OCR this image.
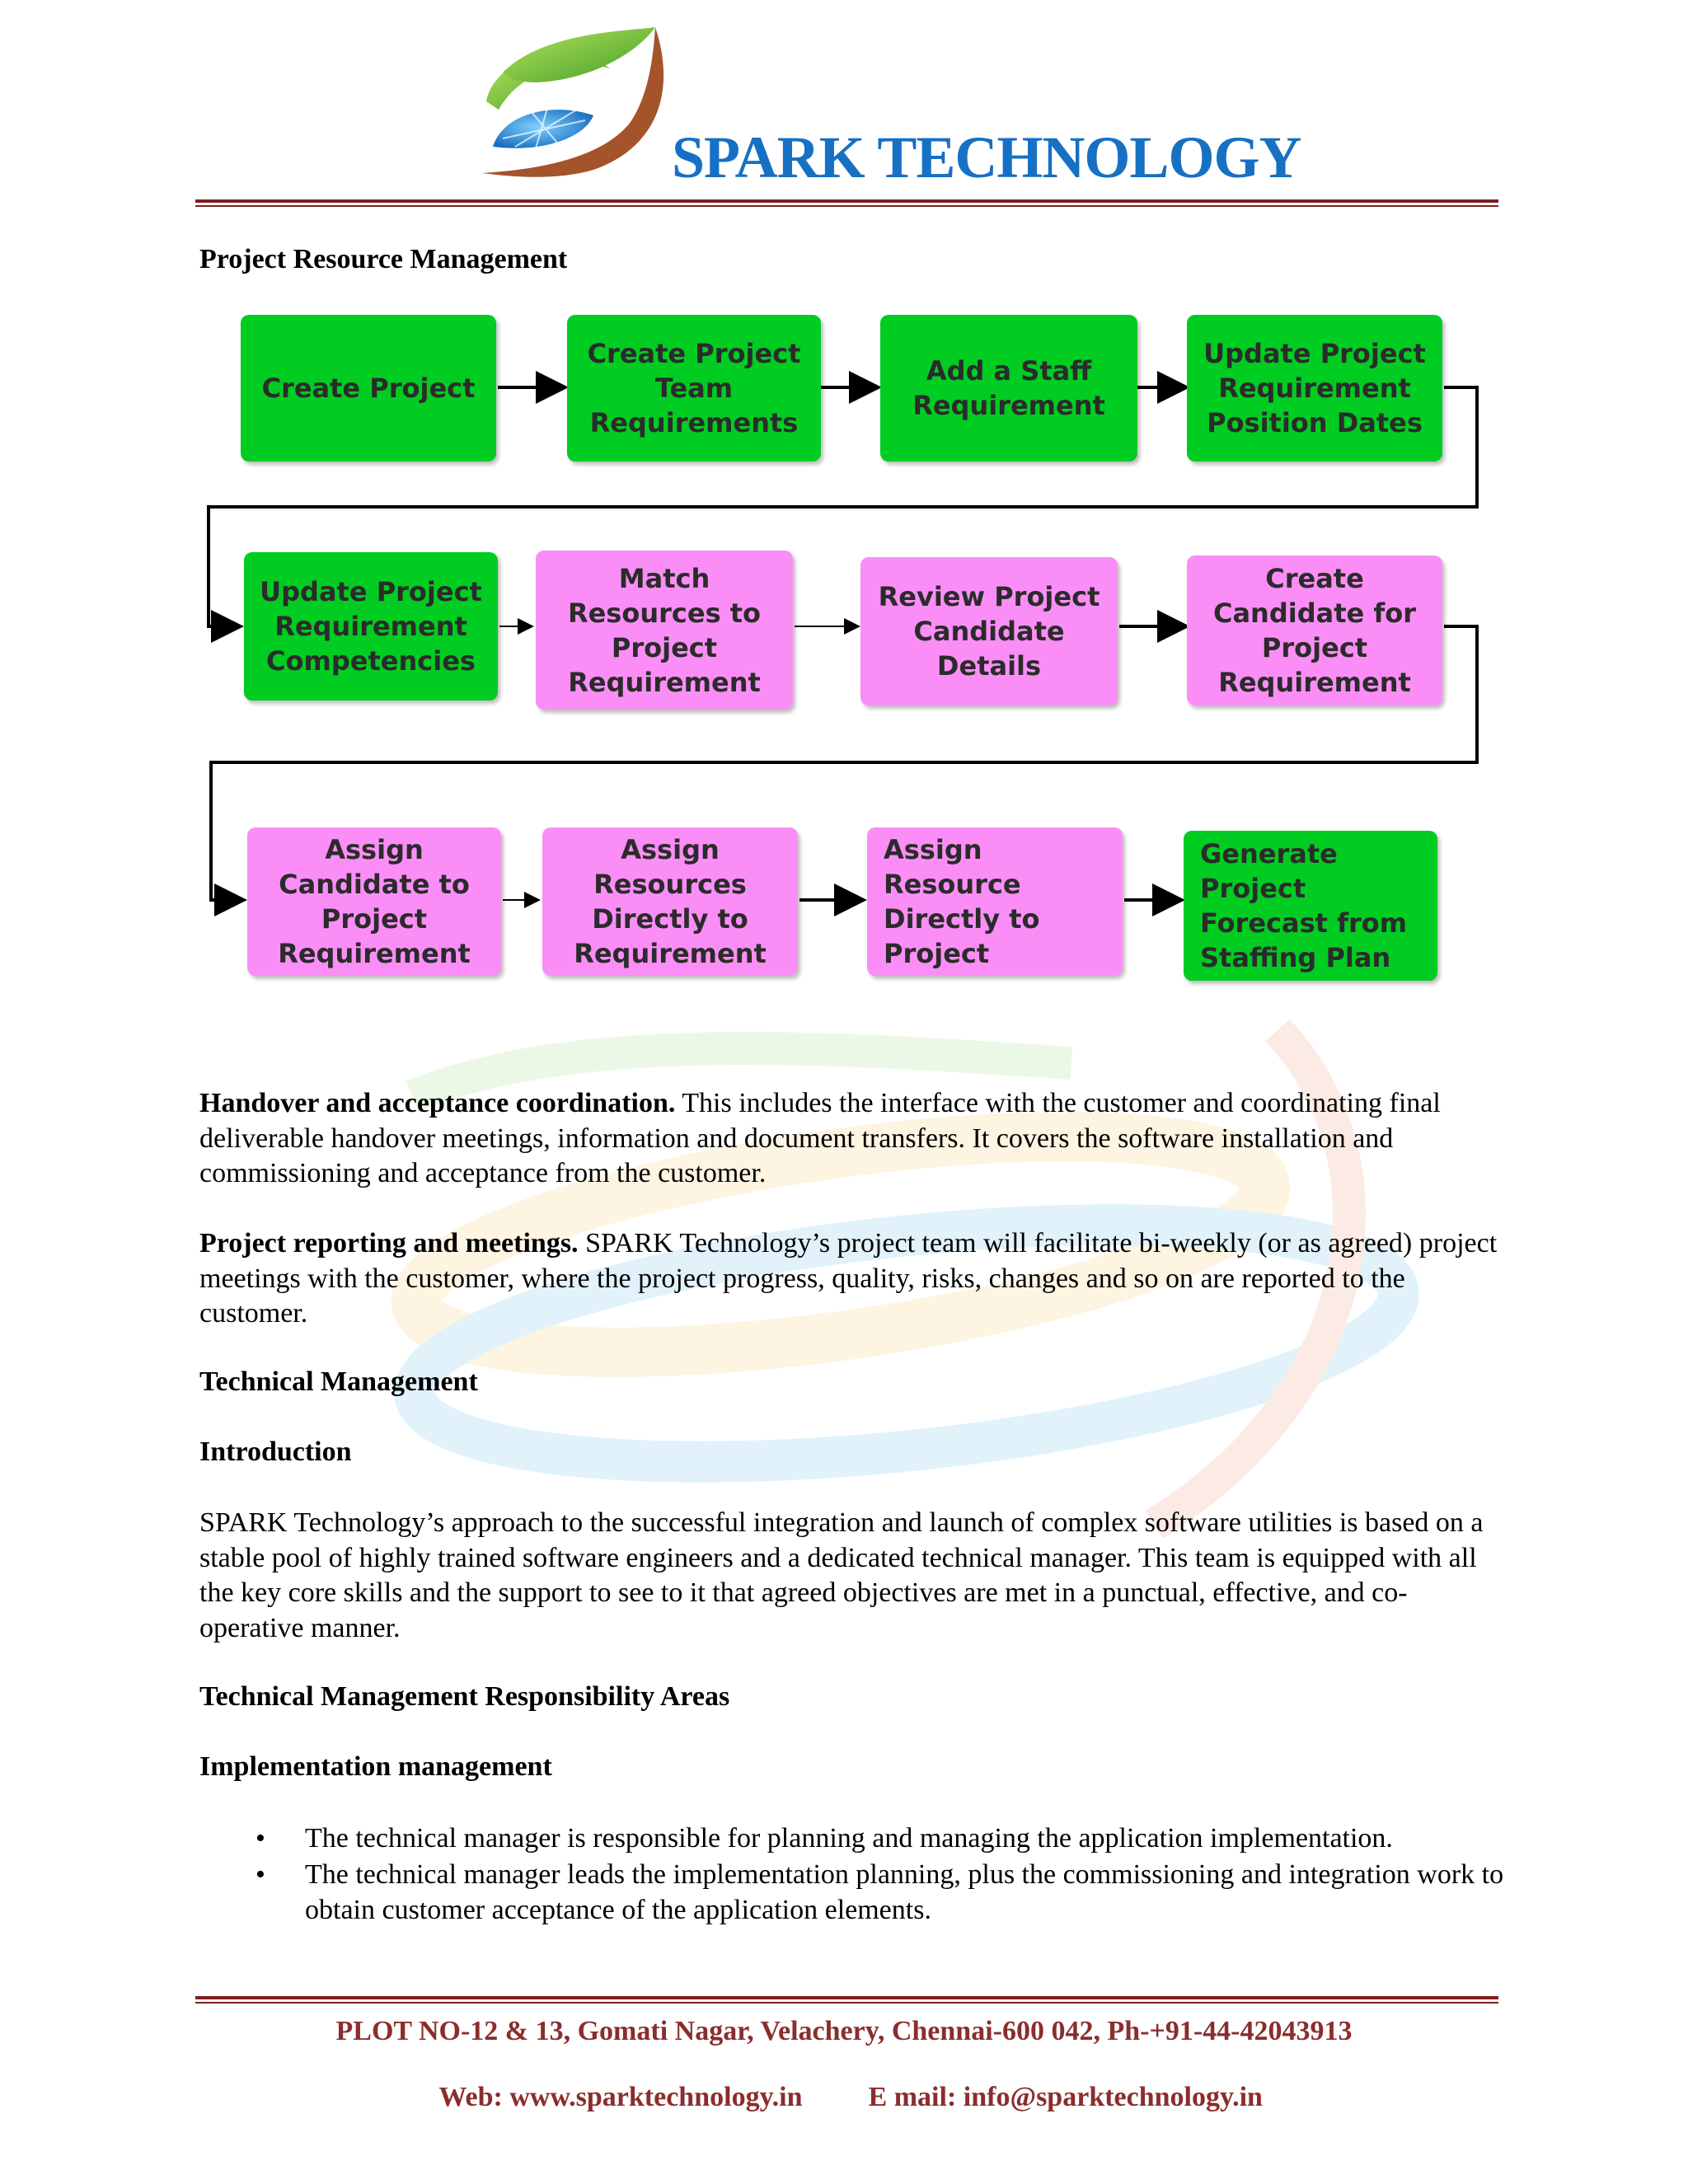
SPARK TECHNOLOGY
Project Resource Management
Create Project
Create Project
Team
Requirements
Add a Staff
Requirement
Update Project
Requirement
Position Dates
Update Project
Requirement
Competencies
Match
Resources to
Project
Requirement
Review Project
Candidate
Details
Create
Candidate for
Project
Requirement
Assign
Candidate to
Project
Requirement
Assign
Resources
Directly to
Requirement
Assign
Resource
Directly to
Project
Generate
Project
Forecast from
Staffing Plan
Handover and acceptance coordination. This includes the interface with the customer and coordinating final deliverable handover meetings, information and document transfers. It covers the software installation and commissioning and acceptance from the customer.
Project reporting and meetings. SPARK Technology’s project team will facilitate bi-weekly (or as agreed) project meetings with the customer, where the project progress, quality, risks, changes and so on are reported to the customer.
Technical Management
Introduction
SPARK Technology’s approach to the successful integration and launch of complex software utilities is based on a stable pool of highly trained software engineers and a dedicated technical manager. This team is equipped with all the key core skills and the support to see to it that agreed objectives are met in a punctual, effective, and co-operative manner.
Technical Management Responsibility Areas
Implementation management
• The technical manager is responsible for planning and managing the application implementation.
• The technical manager leads the implementation planning, plus the commissioning and integration work to obtain customer acceptance of the application elements.
PLOT NO-12 & 13, Gomati Nagar, Velachery, Chennai-600 042, Ph-+91-44-42043913

Web: www.sparktechnology.in E mail: info@sparktechnology.in
